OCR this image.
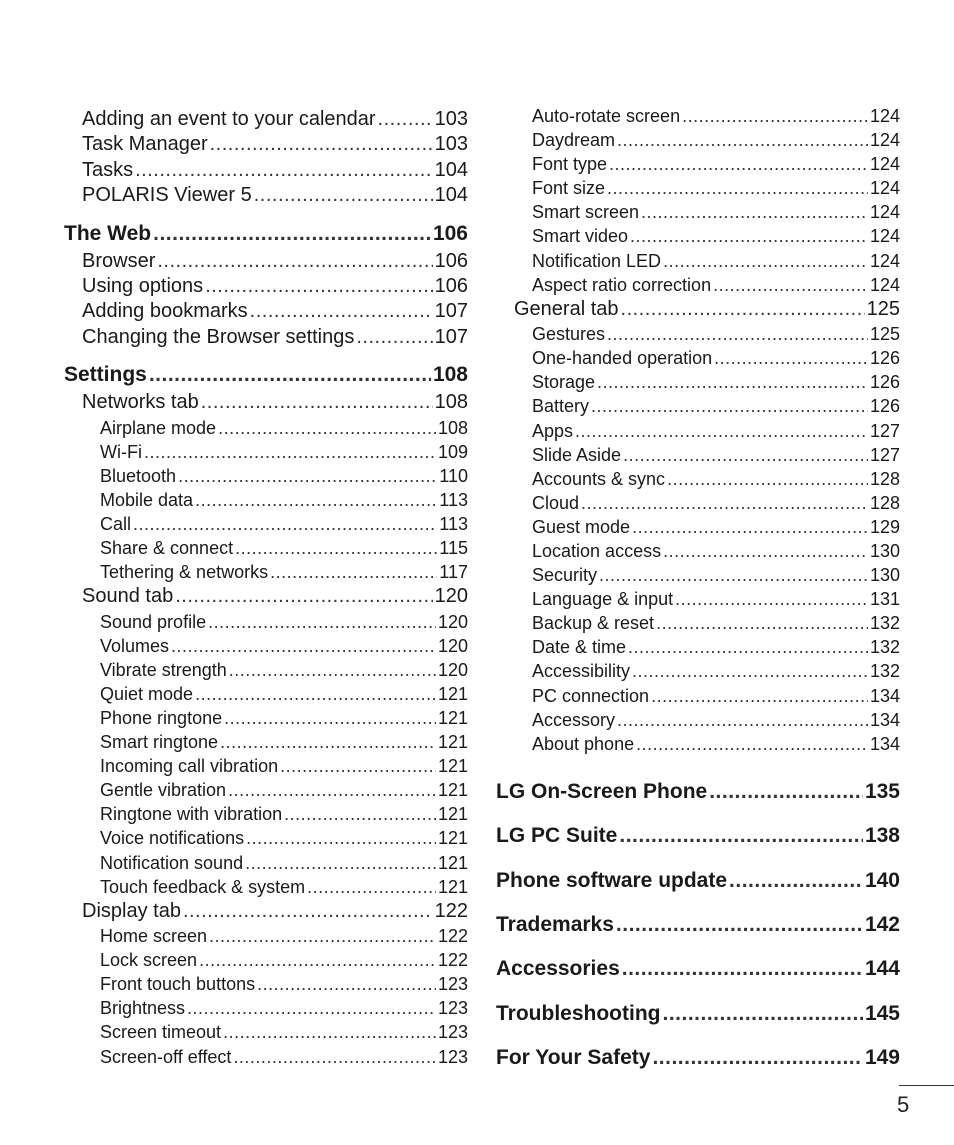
Adding an event to your calendar .....	103
Task Manager .....	103
Tasks .....	104
POLARIS Viewer 5 .....	104
The Web .....	106
Browser .....	106
Using options .....	106
Adding bookmarks .....	107
Changing the Browser settings .....	107
Settings .....	108
Networks tab .....	108
Airplane mode .....	108
Wi-Fi .....	109
Bluetooth .....	110
Mobile data .....	113
Call .....	113
Share & connect .....	115
Tethering & networks .....	117
Sound tab .....	120
Sound profile .....	120
Volumes .....	120
Vibrate strength .....	120
Quiet mode .....	121
Phone ringtone .....	121
Smart ringtone .....	121
Incoming call vibration .....	121
Gentle vibration .....	121
Ringtone with vibration .....	121
Voice notifications .....	121
Notification sound .....	121
Touch feedback & system .....	121
Display tab .....	122
Home screen .....	122
Lock screen .....	122
Front touch buttons .....	123
Brightness .....	123
Screen timeout .....	123
Screen-off effect .....	123
Auto-rotate screen .....	124
Daydream .....	124
Font type .....	124
Font size .....	124
Smart screen .....	124
Smart video .....	124
Notification LED .....	124
Aspect ratio correction .....	124
General tab .....	125
Gestures .....	125
One-handed operation .....	126
Storage .....	126
Battery .....	126
Apps .....	127
Slide Aside .....	127
Accounts & sync .....	128
Cloud .....	128
Guest mode .....	129
Location access .....	130
Security .....	130
Language & input .....	131
Backup & reset .....	132
Date & time .....	132
Accessibility .....	132
PC connection .....	134
Accessory .....	134
About phone .....	134
LG On-Screen Phone .....	135
LG PC Suite .....	138
Phone software update .....	140
Trademarks .....	142
Accessories .....	144
Troubleshooting .....	145
For Your Safety .....	149
5
